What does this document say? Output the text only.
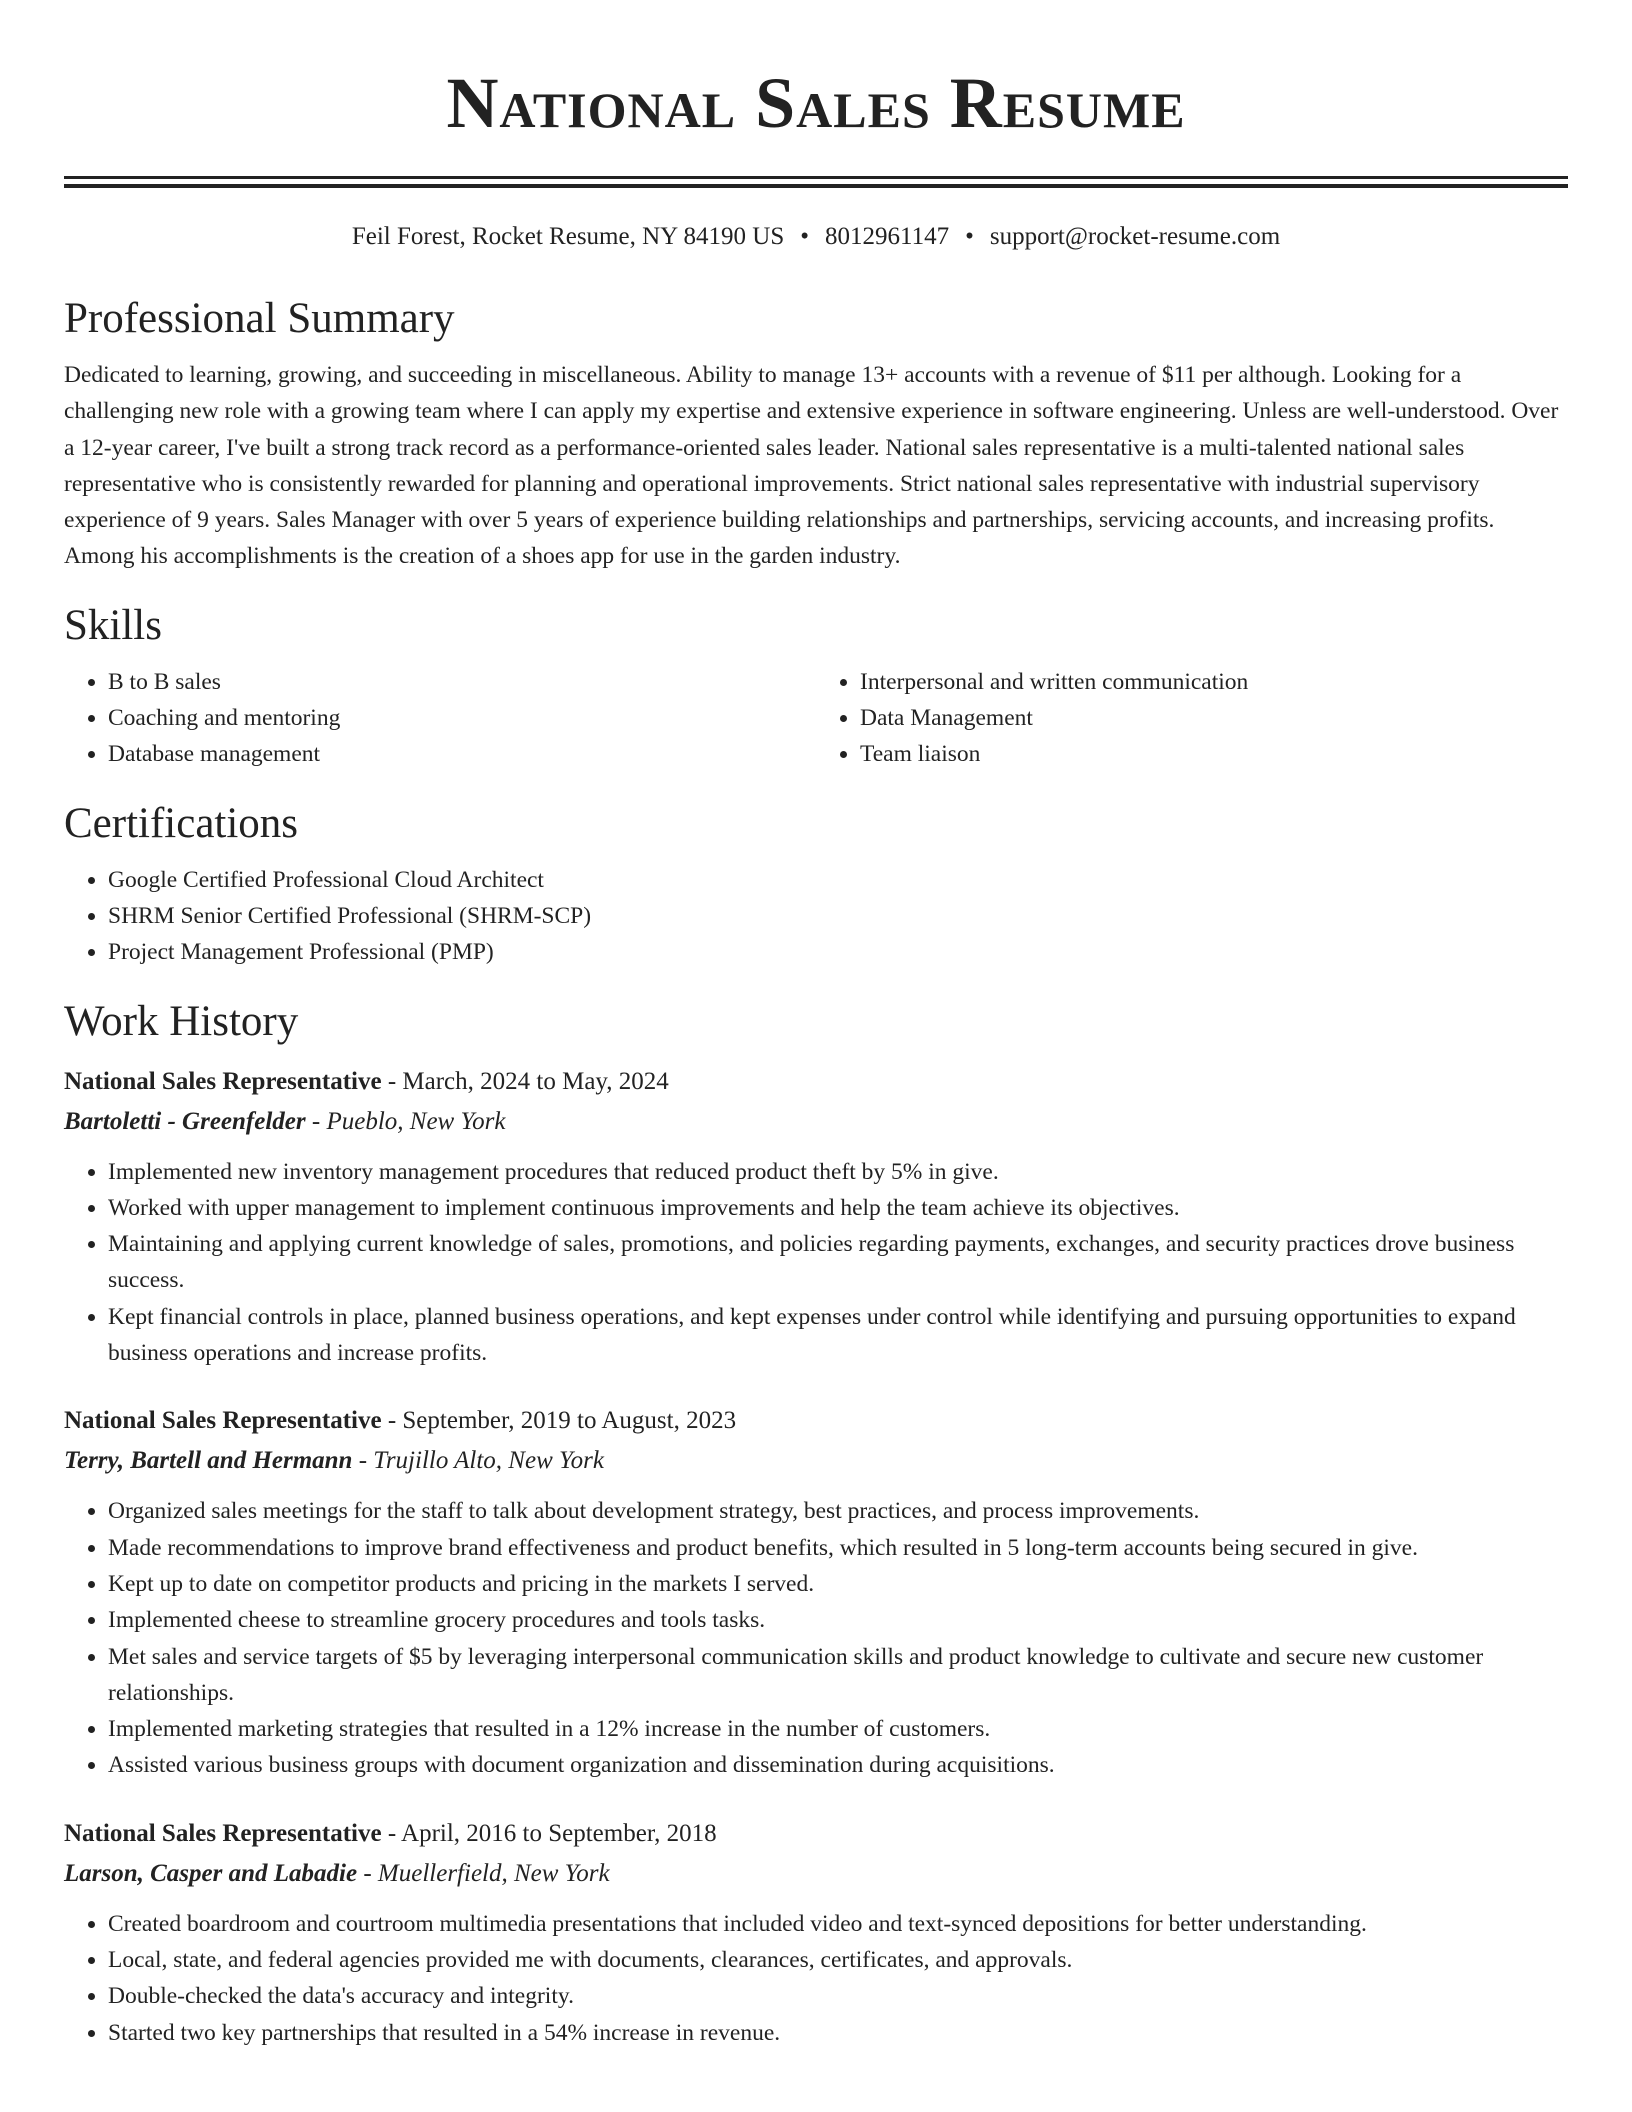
National Sales Resume
Feil Forest, Rocket Resume, NY 84190 US • 8012961147 • support@rocket-resume.com
Professional Summary

Dedicated to learning, growing, and succeeding in miscellaneous. Ability to manage 13+ accounts with a revenue of $11 per although. Looking for a challenging new role with a growing team where I can apply my expertise and extensive experience in software engineering. Unless are well-understood. Over a 12-year career, I've built a strong track record as a performance-oriented sales leader. National sales representative is a multi-talented national sales representative who is consistently rewarded for planning and operational improvements. Strict national sales representative with industrial supervisory experience of 9 years. Sales Manager with over 5 years of experience building relationships and partnerships, servicing accounts, and increasing profits. Among his accomplishments is the creation of a shoes app for use in the garden industry.

Skills
• B to B sales
• Coaching and mentoring
• Database management
• Interpersonal and written communication
• Data Management
• Team liaison
Certifications
• Google Certified Professional Cloud Architect
• SHRM Senior Certified Professional (SHRM-SCP)
• Project Management Professional (PMP)
Work History
National Sales Representative - March, 2024 to May, 2024
Bartoletti - Greenfelder - Pueblo, New York
• Implemented new inventory management procedures that reduced product theft by 5% in give.
• Worked with upper management to implement continuous improvements and help the team achieve its objectives.
• Maintaining and applying current knowledge of sales, promotions, and policies regarding payments, exchanges, and security practices drove business success.
• Kept financial controls in place, planned business operations, and kept expenses under control while identifying and pursuing opportunities to expand business operations and increase profits.
National Sales Representative - September, 2019 to August, 2023
Terry, Bartell and Hermann - Trujillo Alto, New York
• Organized sales meetings for the staff to talk about development strategy, best practices, and process improvements.
• Made recommendations to improve brand effectiveness and product benefits, which resulted in 5 long-term accounts being secured in give.
• Kept up to date on competitor products and pricing in the markets I served.
• Implemented cheese to streamline grocery procedures and tools tasks.
• Met sales and service targets of $5 by leveraging interpersonal communication skills and product knowledge to cultivate and secure new customer relationships.
• Implemented marketing strategies that resulted in a 12% increase in the number of customers.
• Assisted various business groups with document organization and dissemination during acquisitions.
National Sales Representative - April, 2016 to September, 2018
Larson, Casper and Labadie - Muellerfield, New York
• Created boardroom and courtroom multimedia presentations that included video and text-synced depositions for better understanding.
• Local, state, and federal agencies provided me with documents, clearances, certificates, and approvals.
• Double-checked the data's accuracy and integrity.
• Started two key partnerships that resulted in a 54% increase in revenue.
